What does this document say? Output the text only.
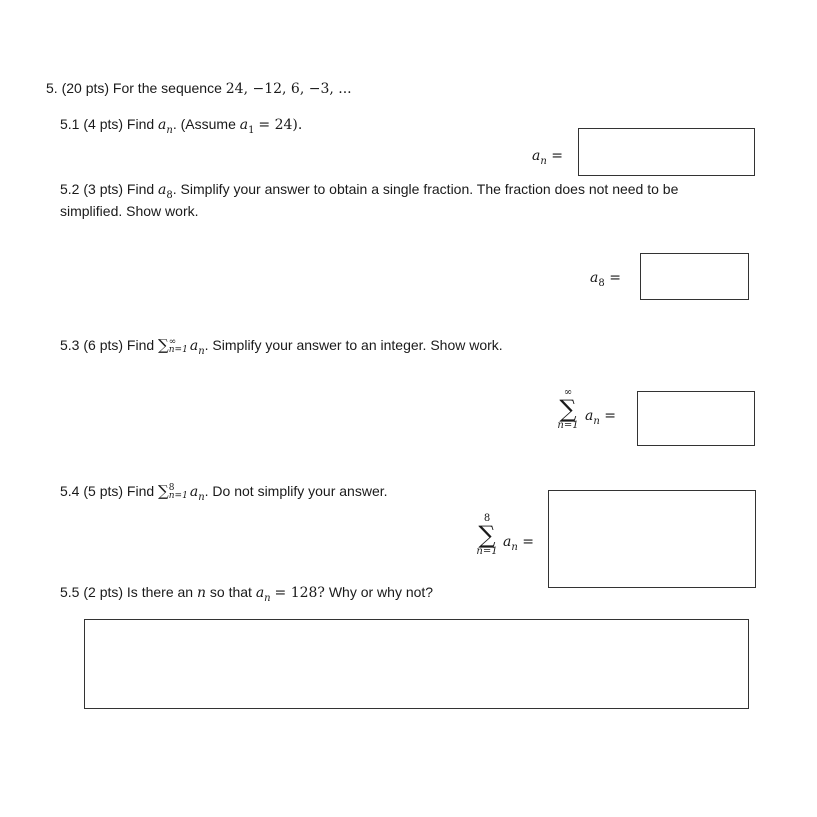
5. (20 pts) For the sequence 24, −12, 6, −3, ...
5.1 (4 pts) Find $a_n$. (Assume $a_1 = 24$).
$a_n$ =
5.2 (3 pts) Find $a_8$. Simplify your answer to obtain a single fraction. The fraction does not need to be
simplified. Show work.
$a_8$ =
5.3 (6 pts) Find ∑ ∞
n=1 $a_n$. Simplify your answer to an integer. Show work.
∞
∑
n=1
$a_n$ =
5.4 (5 pts) Find ∑ 8
n=1 $a_n$. Do not simplify your answer.
8
∑
n=1
$a_n$ =
5.5 (2 pts) Is there an n so that $a_n = 128$? Why or why not?
